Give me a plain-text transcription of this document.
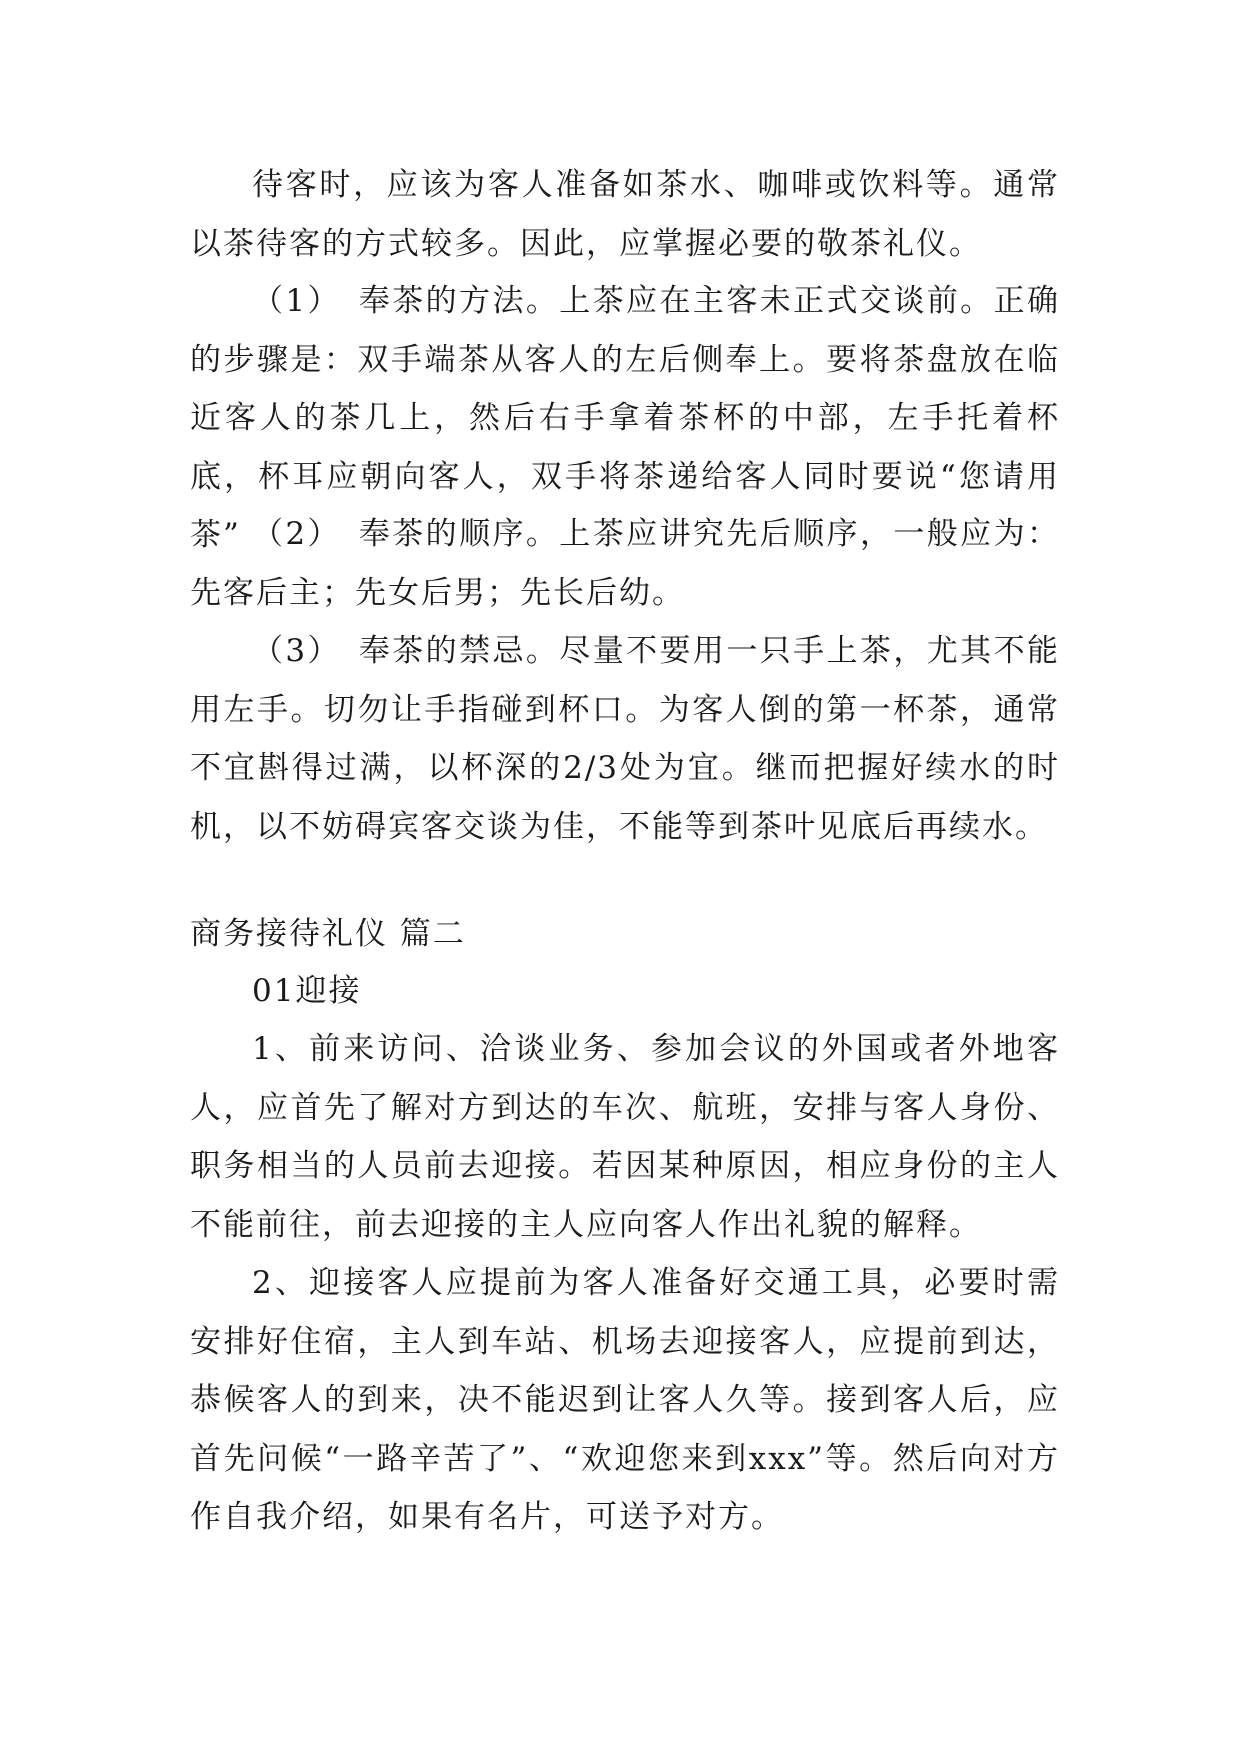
待客时，应该为客人准备如茶水、咖啡或饮料等。通常以茶待客的方式较多。因此，应掌握必要的敬茶礼仪。

（1）　奉茶的方法。上茶应在主客未正式交谈前。正确的步骤是：双手端茶从客人的左后侧奉上。要将茶盘放在临近客人的茶几上，然后右手拿着茶杯的中部，左手托着杯底，杯耳应朝向客人，双手将茶递给客人同时要说“您请用茶” （2）　奉茶的顺序。上茶应讲究先后顺序，一般应为：先客后主；先女后男；先长后幼。

（3）　奉茶的禁忌。尽量不要用一只手上茶，尤其不能用左手。切勿让手指碰到杯口。为客人倒的第一杯茶，通常不宜斟得过满，以杯深的2/3处为宜。继而把握好续水的时机，以不妨碍宾客交谈为佳，不能等到茶叶见底后再续水。

商务接待礼仪 篇二

01迎接

1、前来访问、洽谈业务、参加会议的外国或者外地客人，应首先了解对方到达的车次、航班，安排与客人身份、职务相当的人员前去迎接。若因某种原因，相应身份的主人不能前往，前去迎接的主人应向客人作出礼貌的解释。

2、迎接客人应提前为客人准备好交通工具，必要时需安排好住宿，主人到车站、机场去迎接客人，应提前到达，恭候客人的到来，决不能迟到让客人久等。接到客人后，应首先问候“一路辛苦了”、“欢迎您来到xxx”等。然后向对方作自我介绍，如果有名片，可送予对方。
